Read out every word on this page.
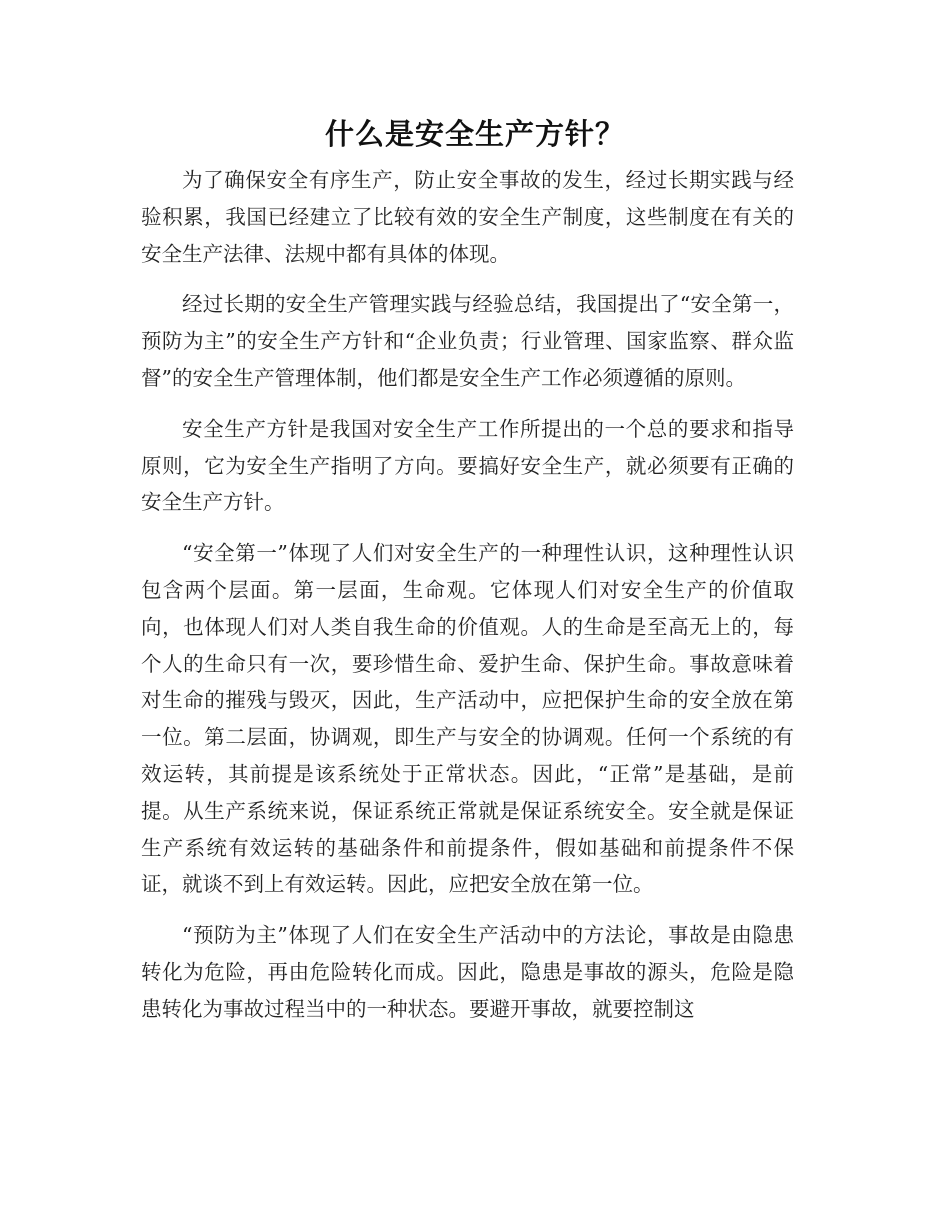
什么是安全生产方针？

为了确保安全有序生产，防止安全事故的发生，经过长期实践与经验积累，我国已经建立了比较有效的安全生产制度，这些制度在有关的安全生产法律、法规中都有具体的体现。

经过长期的安全生产管理实践与经验总结，我国提出了“安全第一，预防为主”的安全生产方针和“企业负责；行业管理、国家监察、群众监督”的安全生产管理体制，他们都是安全生产工作必须遵循的原则。

安全生产方针是我国对安全生产工作所提出的一个总的要求和指导原则，它为安全生产指明了方向。要搞好安全生产，就必须要有正确的安全生产方针。

“安全第一”体现了人们对安全生产的一种理性认识，这种理性认识包含两个层面。第一层面，生命观。它体现人们对安全生产的价值取向，也体现人们对人类自我生命的价值观。人的生命是至高无上的，每个人的生命只有一次，要珍惜生命、爱护生命、保护生命。事故意味着对生命的摧残与毁灭，因此，生产活动中，应把保护生命的安全放在第一位。第二层面，协调观，即生产与安全的协调观。任何一个系统的有效运转，其前提是该系统处于正常状态。因此，“正常”是基础，是前提。从生产系统来说，保证系统正常就是保证系统安全。安全就是保证生产系统有效运转的基础条件和前提条件，假如基础和前提条件不保证，就谈不到上有效运转。因此，应把安全放在第一位。

“预防为主”体现了人们在安全生产活动中的方法论，事故是由隐患转化为危险，再由危险转化而成。因此，隐患是事故的源头，危险是隐患转化为事故过程当中的一种状态。要避开事故，就要控制这
